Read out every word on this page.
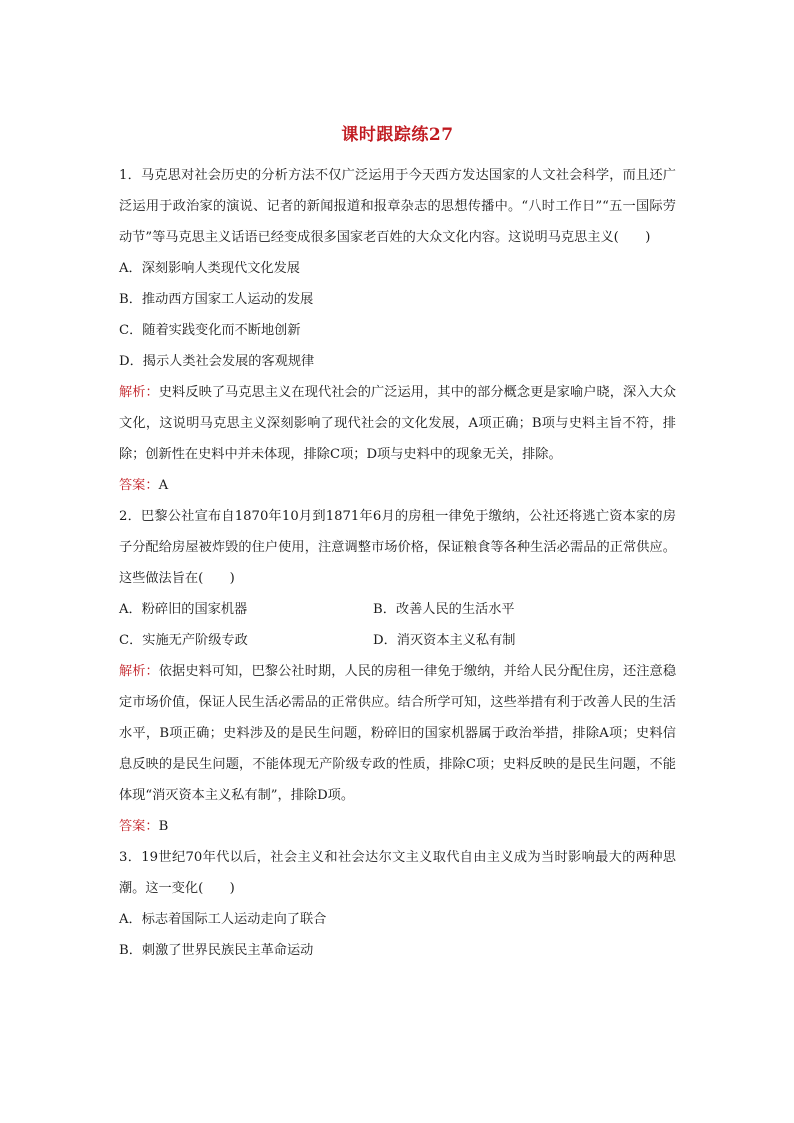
课时跟踪练27
1．马克思对社会历史的分析方法不仅广泛运用于今天西方发达国家的人文社会科学，而且还广泛运用于政治家的演说、记者的新闻报道和报章杂志的思想传播中。“八时工作日”“五一国际劳动节”等马克思主义话语已经变成很多国家老百姓的大众文化内容。这说明马克思主义(　　)
A．深刻影响人类现代文化发展
B．推动西方国家工人运动的发展
C．随着实践变化而不断地创新
D．揭示人类社会发展的客观规律
解析：史料反映了马克思主义在现代社会的广泛运用，其中的部分概念更是家喻户晓，深入大众文化，这说明马克思主义深刻影响了现代社会的文化发展，A项正确；B项与史料主旨不符，排除；创新性在史料中并未体现，排除C项；D项与史料中的现象无关，排除。
答案：A
2．巴黎公社宣布自1870年10月到1871年6月的房租一律免于缴纳，公社还将逃亡资本家的房子分配给房屋被炸毁的住户使用，注意调整市场价格，保证粮食等各种生活必需品的正常供应。这些做法旨在(　　)
A．粉碎旧的国家机器	B．改善人民的生活水平
C．实施无产阶级专政	D．消灭资本主义私有制
解析：依据史料可知，巴黎公社时期，人民的房租一律免于缴纳，并给人民分配住房，还注意稳定市场价值，保证人民生活必需品的正常供应。结合所学可知，这些举措有利于改善人民的生活水平，B项正确；史料涉及的是民生问题，粉碎旧的国家机器属于政治举措，排除A项；史料信息反映的是民生问题，不能体现无产阶级专政的性质，排除C项；史料反映的是民生问题，不能体现“消灭资本主义私有制”，排除D项。
答案：B
3．19世纪70年代以后，社会主义和社会达尔文主义取代自由主义成为当时影响最大的两种思潮。这一变化(　　)
A．标志着国际工人运动走向了联合
B．刺激了世界民族民主革命运动
